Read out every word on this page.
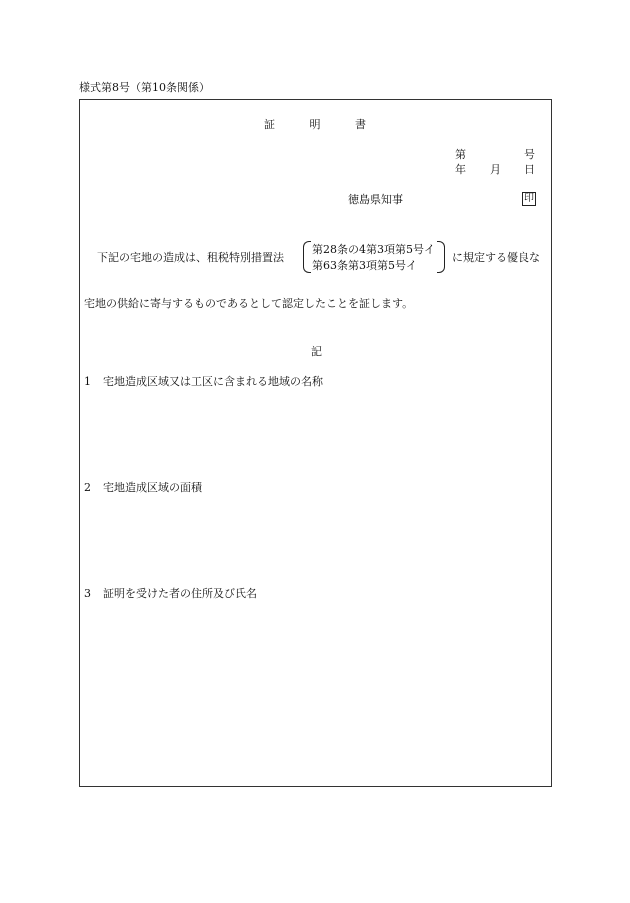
様式第8号（第10条関係）
証	明	書
第	号
年 月 日
徳島県知事	印
下記の宅地の造成は、租税特別措置法
第28条の4第3項第5号イ
第63条第3項第5号イ
に規定する優良な
宅地の供給に寄与するものであるとして認定したことを証します。
記
1 宅地造成区域又は工区に含まれる地域の名称
2 宅地造成区域の面積
3 証明を受けた者の住所及び氏名
